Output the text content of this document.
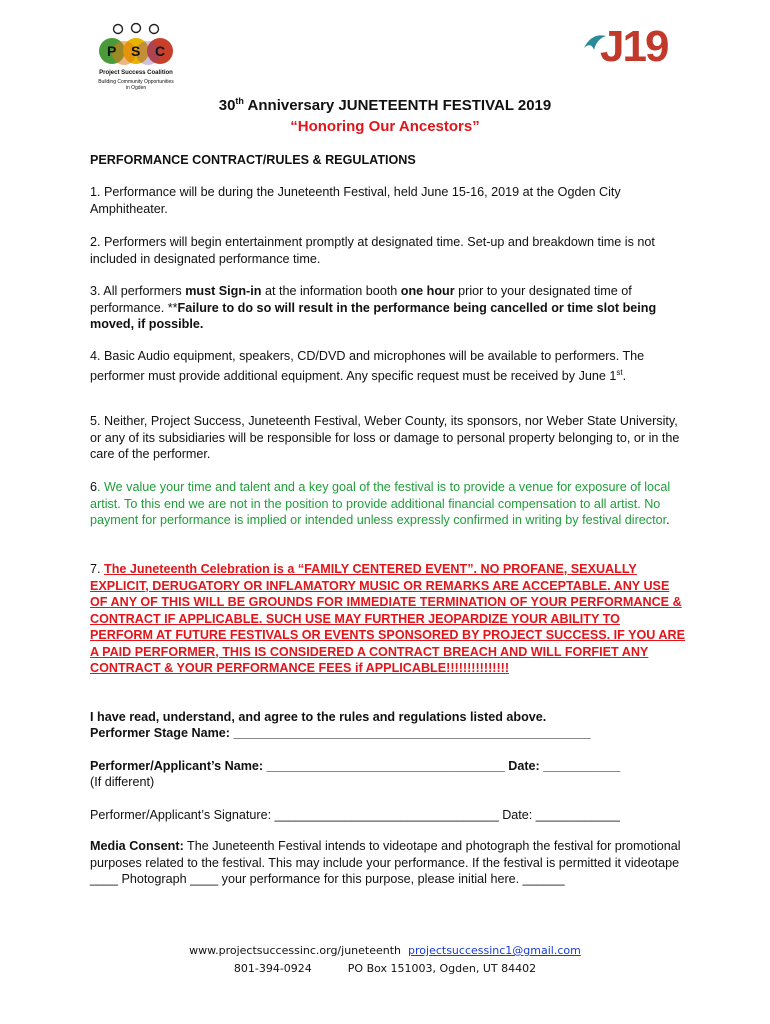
P S C
Project Success Coalition
Building Community Opportunities in Ogden
J19
30th Anniversary JUNETEENTH FESTIVAL 2019
“Honoring Our Ancestors”
PERFORMANCE CONTRACT/RULES & REGULATIONS
1. Performance will be during the Juneteenth Festival, held June 15-16, 2019 at the Ogden City Amphitheater.
2. Performers will begin entertainment promptly at designated time. Set-up and breakdown time is not included in designated performance time.
3. All performers must Sign-in at the information booth one hour prior to your designated time of performance. **Failure to do so will result in the performance being cancelled or time slot being moved, if possible.
4. Basic Audio equipment, speakers, CD/DVD and microphones will be available to performers. The performer must provide additional equipment. Any specific request must be received by June 1st.
5. Neither, Project Success, Juneteenth Festival, Weber County, its sponsors, nor Weber State University, or any of its subsidiaries will be responsible for loss or damage to personal property belonging to, or in the care of the performer.
6. We value your time and talent and a key goal of the festival is to provide a venue for exposure of local artist. To this end we are not in the position to provide additional financial compensation to all artist. No payment for performance is implied or intended unless expressly confirmed in writing by festival director.
7. The Juneteenth Celebration is a “FAMILY CENTERED EVENT”. NO PROFANE, SEXUALLY EXPLICIT, DERUGATORY OR INFLAMATORY MUSIC OR REMARKS ARE ACCEPTABLE. ANY USE OF ANY OF THIS WILL BE GROUNDS FOR IMMEDIATE TERMINATION OF YOUR PERFORMANCE & CONTRACT IF APPLICABLE. SUCH USE MAY FURTHER JEOPARDIZE YOUR ABILITY TO PERFORM AT FUTURE FESTIVALS OR EVENTS SPONSORED BY PROJECT SUCCESS. IF YOU ARE A PAID PERFORMER, THIS IS CONSIDERED A CONTRACT BREACH AND WILL FORFIET ANY CONTRACT & YOUR PERFORMANCE FEES if APPLICABLE!!!!!!!!!!!!!!!
I have read, understand, and agree to the rules and regulations listed above.
Performer Stage Name: ___________________________________________________
Performer/Applicant’s Name: __________________________________ Date: ___________
(If different)
Performer/Applicant’s Signature: ________________________________ Date: ____________
Media Consent: The Juneteenth Festival intends to videotape and photograph the festival for promotional purposes related to the festival. This may include your performance. If the festival is permitted it videotape ____ Photograph ____ your performance for this purpose, please initial here. ______
www.projectsuccessinc.org/juneteenth projectsuccessinc1@gmail.com
801-394-0924	PO Box 151003, Ogden, UT 84402
